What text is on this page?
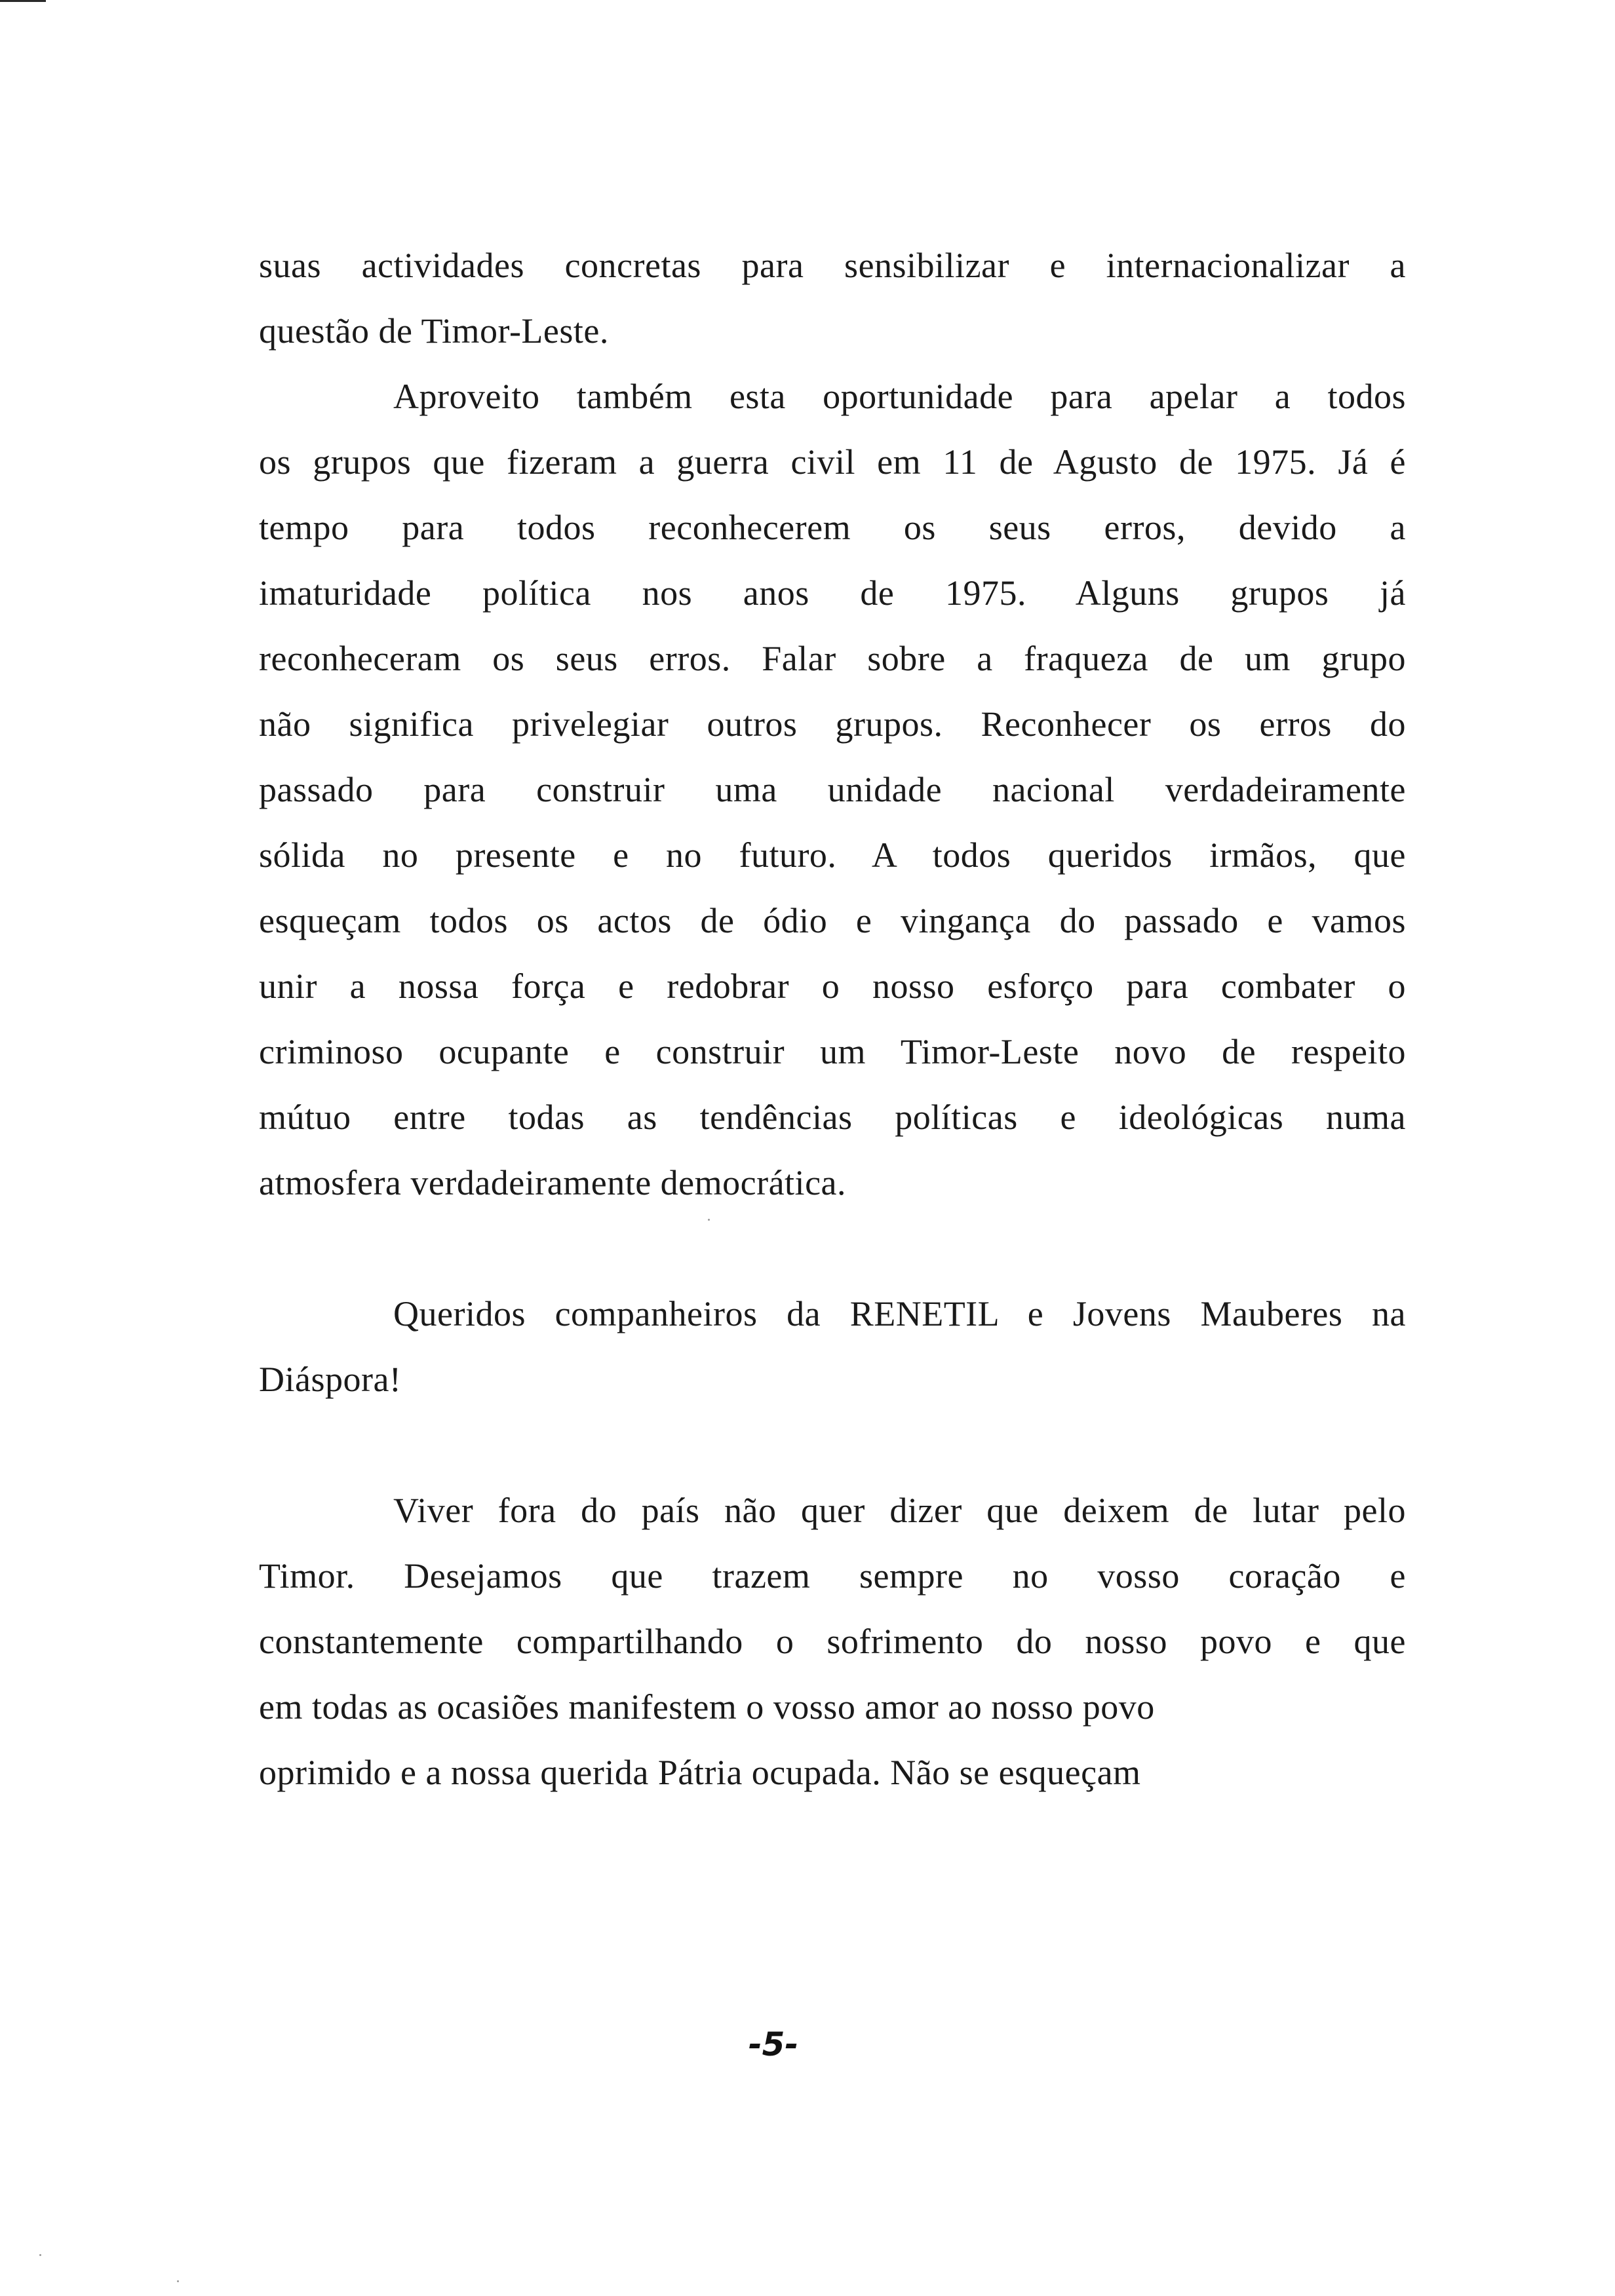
suas actividades concretas para sensibilizar e internacionalizar a
questão de Timor-Leste.
Aproveito também esta oportunidade para apelar a todos
os grupos que fizeram a guerra civil em 11 de Agusto de 1975. Já é
tempo para todos reconhecerem os seus erros, devido a
imaturidade política nos anos de 1975. Alguns grupos já
reconheceram os seus erros. Falar sobre a fraqueza de um grupo
não significa privelegiar outros grupos. Reconhecer os erros do
passado para construir uma unidade nacional verdadeiramente
sólida no presente e no futuro. A todos queridos irmãos, que
esqueçam todos os actos de ódio e vingança do passado e vamos
unir a nossa força e redobrar o nosso esforço para combater o
criminoso ocupante e construir um Timor-Leste novo de respeito
mútuo entre todas as tendências políticas e ideológicas numa
atmosfera verdadeiramente democrática.
Queridos companheiros da RENETIL e Jovens Mauberes na
Diáspora!
Viver fora do país não quer dizer que deixem de lutar pelo
Timor. Desejamos que trazem sempre no vosso coração e
constantemente compartilhando o sofrimento do nosso povo e que
em todas as ocasiões manifestem o vosso amor ao nosso povo
oprimido e a nossa querida Pátria ocupada. Não se esqueçam
-5-
